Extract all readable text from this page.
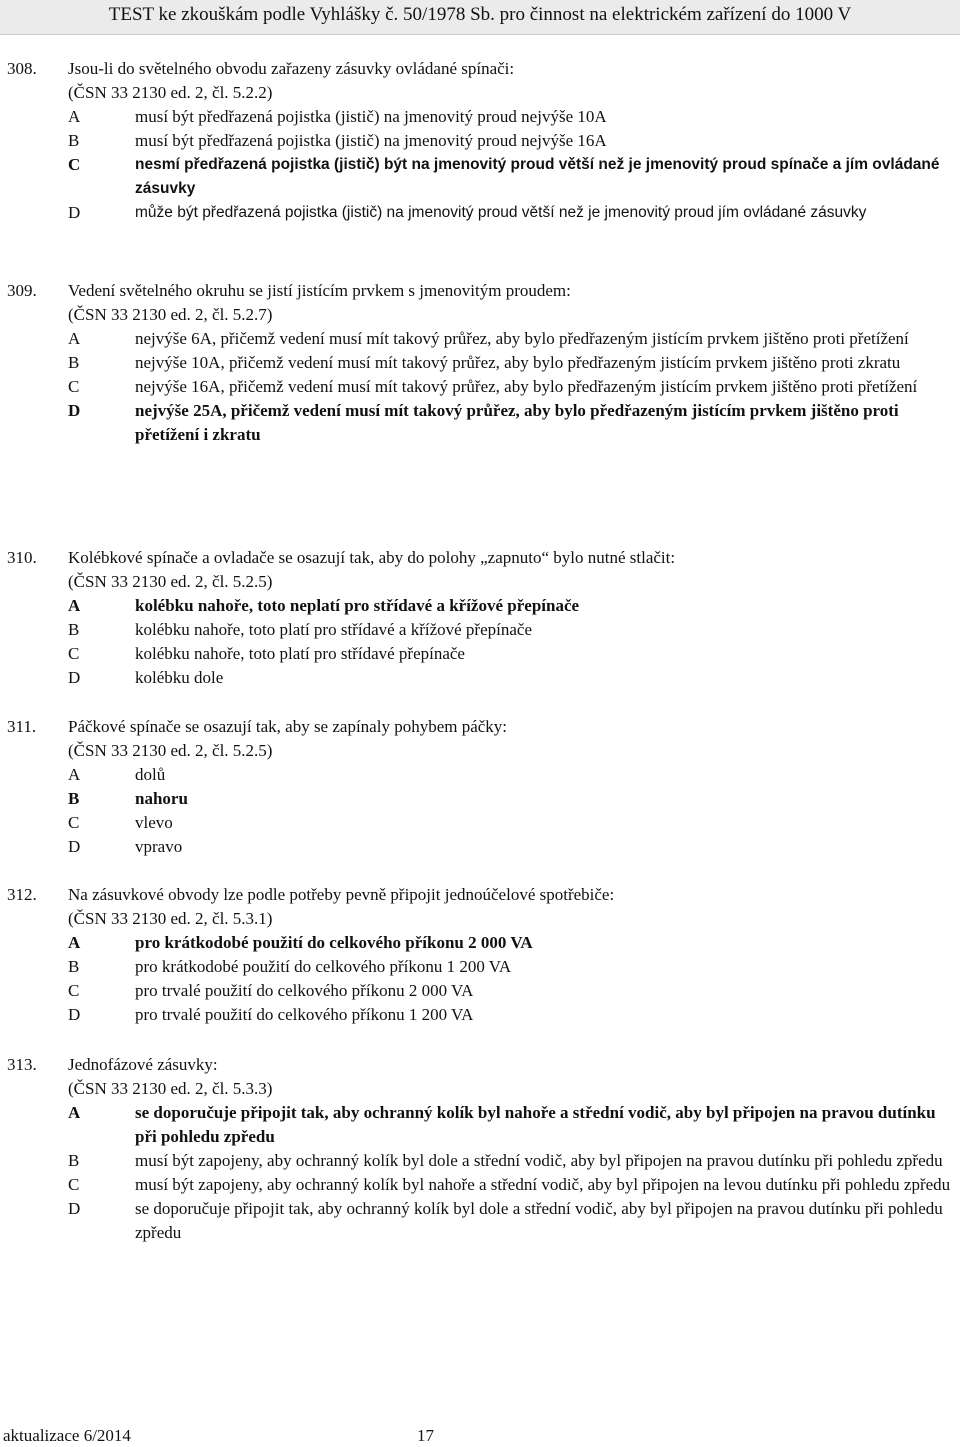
TEST ke zkouškám podle Vyhlášky č. 50/1978 Sb. pro činnost na elektrickém zařízení do 1000 V
308. Jsou-li do světelného obvodu zařazeny zásuvky ovládané spínači:
(ČSN 33 2130 ed. 2, čl. 5.2.2)
A	musí být předřazená pojistka (jistič) na jmenovitý proud nejvýše 10A
B	musí být předřazená pojistka (jistič) na jmenovitý proud nejvýše 16A
C	nesmí předřazená pojistka (jistič) být na jmenovitý proud větší než je jmenovitý proud spínače a jím ovládané zásuvky
D	může být předřazená pojistka (jistič) na jmenovitý proud větší než je jmenovitý proud jím ovládané zásuvky
309. Vedení světelného okruhu se jistí jistícím prvkem s jmenovitým proudem:
(ČSN 33 2130 ed. 2, čl. 5.2.7)
A	nejvýše 6A, přičemž vedení musí mít takový průřez, aby bylo předřazeným jistícím prvkem jištěno proti přetížení
B	nejvýše 10A, přičemž vedení musí mít takový průřez, aby bylo předřazeným jistícím prvkem jištěno proti zkratu
C	nejvýše 16A, přičemž vedení musí mít takový průřez, aby bylo předřazeným jistícím prvkem jištěno proti přetížení
D	nejvýše 25A, přičemž vedení musí mít takový průřez, aby bylo předřazeným jistícím prvkem jištěno proti přetížení i zkratu
310. Kolébkové spínače a ovladače se osazují tak, aby do polohy „zapnuto“ bylo nutné stlačit:
(ČSN 33 2130 ed. 2, čl. 5.2.5)
A	kolébku nahoře, toto neplatí pro střídavé a křížové přepínače
B	kolébku nahoře, toto platí pro střídavé a křížové přepínače
C	kolébku nahoře, toto platí pro střídavé přepínače
D	kolébku dole
311. Páčkové spínače se osazují tak, aby se zapínaly pohybem páčky:
(ČSN 33 2130 ed. 2, čl. 5.2.5)
A	dolů
B	nahoru
C	vlevo
D	vpravo
312. Na zásuvkové obvody lze podle potřeby pevně připojit jednoúčelové spotřebiče:
(ČSN 33 2130 ed. 2, čl. 5.3.1)
A	pro krátkodobé použití do celkového příkonu 2 000 VA
B	pro krátkodobé použití do celkového příkonu 1 200 VA
C	pro trvalé použití do celkového příkonu 2 000 VA
D	pro trvalé použití do celkového příkonu 1 200 VA
313. Jednofázové zásuvky:
(ČSN 33 2130 ed. 2, čl. 5.3.3)
A	se doporučuje připojit tak, aby ochranný kolík byl nahoře a střední vodič, aby byl připojen na pravou dutínku při pohledu zpředu
B	musí být zapojeny, aby ochranný kolík byl dole a střední vodič, aby byl připojen na pravou dutínku při pohledu zpředu
C	musí být zapojeny, aby ochranný kolík byl nahoře a střední vodič, aby byl připojen na levou dutínku při pohledu zpředu
D	se doporučuje připojit tak, aby ochranný kolík byl dole a střední vodič, aby byl připojen na pravou dutínku při pohledu zpředu
aktualizace 6/2014	17
